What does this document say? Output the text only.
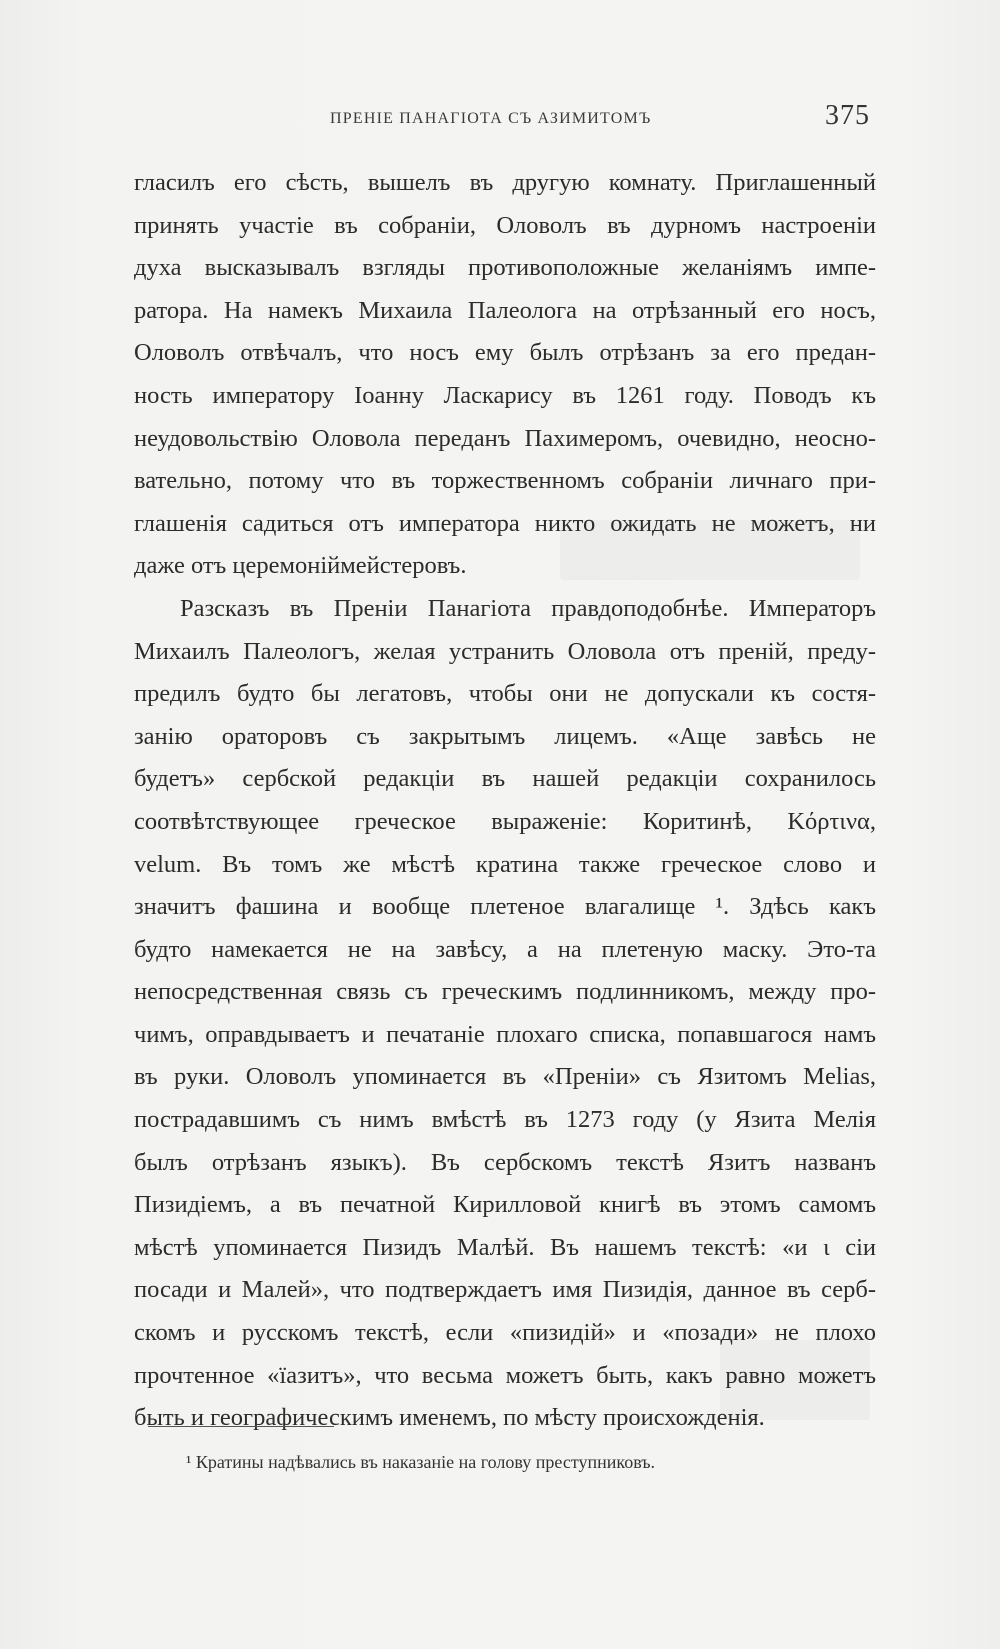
ПРЕНІЕ ПАНАГІОТА СЪ АЗИМИТОМЪ	375
гласилъ его сѣсть, вышелъ въ другую комнату. Приглашенный
принять участіе въ собраніи, Оловолъ въ дурномъ настроеніи
духа высказывалъ взгляды противоположные желаніямъ импе-
ратора. На намекъ Михаила Палеолога на отрѣзанный его носъ,
Оловолъ отвѣчалъ, что носъ ему былъ отрѣзанъ за его предан-
ность императору Іоанну Ласкарису въ 1261 году. Поводъ къ
неудовольствію Оловола переданъ Пахимеромъ, очевидно, неосно-
вательно, потому что въ торжественномъ собраніи личнаго при-
глашенія садиться отъ императора никто ожидать не можетъ, ни
даже отъ церемоніймейстеровъ.
Разсказъ въ Преніи Панагіота правдоподобнѣе. Императоръ
Михаилъ Палеологъ, желая устранить Оловола отъ преній, преду-
предилъ будто бы легатовъ, чтобы они не допускали къ состя-
занію ораторовъ съ закрытымъ лицемъ. «Аще завѣсь не
будетъ» сербской редакціи въ нашей редакціи сохранилось
соотвѣтствующее греческое выраженіе: Коритинѣ, Κόρτινα,
velum. Въ томъ же мѣстѣ кратина также греческое слово и
значитъ фашина и вообще плетеное влагалище ¹. Здѣсь какъ
будто намекается не на завѣсу, а на плетеную маску. Это-та
непосредственная связь съ греческимъ подлинникомъ, между про-
чимъ, оправдываетъ и печатаніе плохаго списка, попавшагося намъ
въ руки. Оловолъ упоминается въ «Преніи» съ Язитомъ Melias,
пострадавшимъ съ нимъ вмѣстѣ въ 1273 году (у Язита Мелія
былъ отрѣзанъ языкъ). Въ сербскомъ текстѣ Язитъ названъ
Пизидіемъ, а въ печатной Кирилловой книгѣ въ этомъ самомъ
мѣстѣ упоминается Пизидъ Малѣй. Въ нашемъ текстѣ: «и ι сіи
посади и Малей», что подтверждаетъ имя Пизидія, данное въ серб-
скомъ и русскомъ текстѣ, если «пизидій» и «позади» не плохо
прочтенное «ïазитъ», что весьма можетъ быть, какъ равно можетъ
быть и географическимъ именемъ, по мѣсту происхожденія.
¹ Кратины надѣвались въ наказаніе на голову преступниковъ.
